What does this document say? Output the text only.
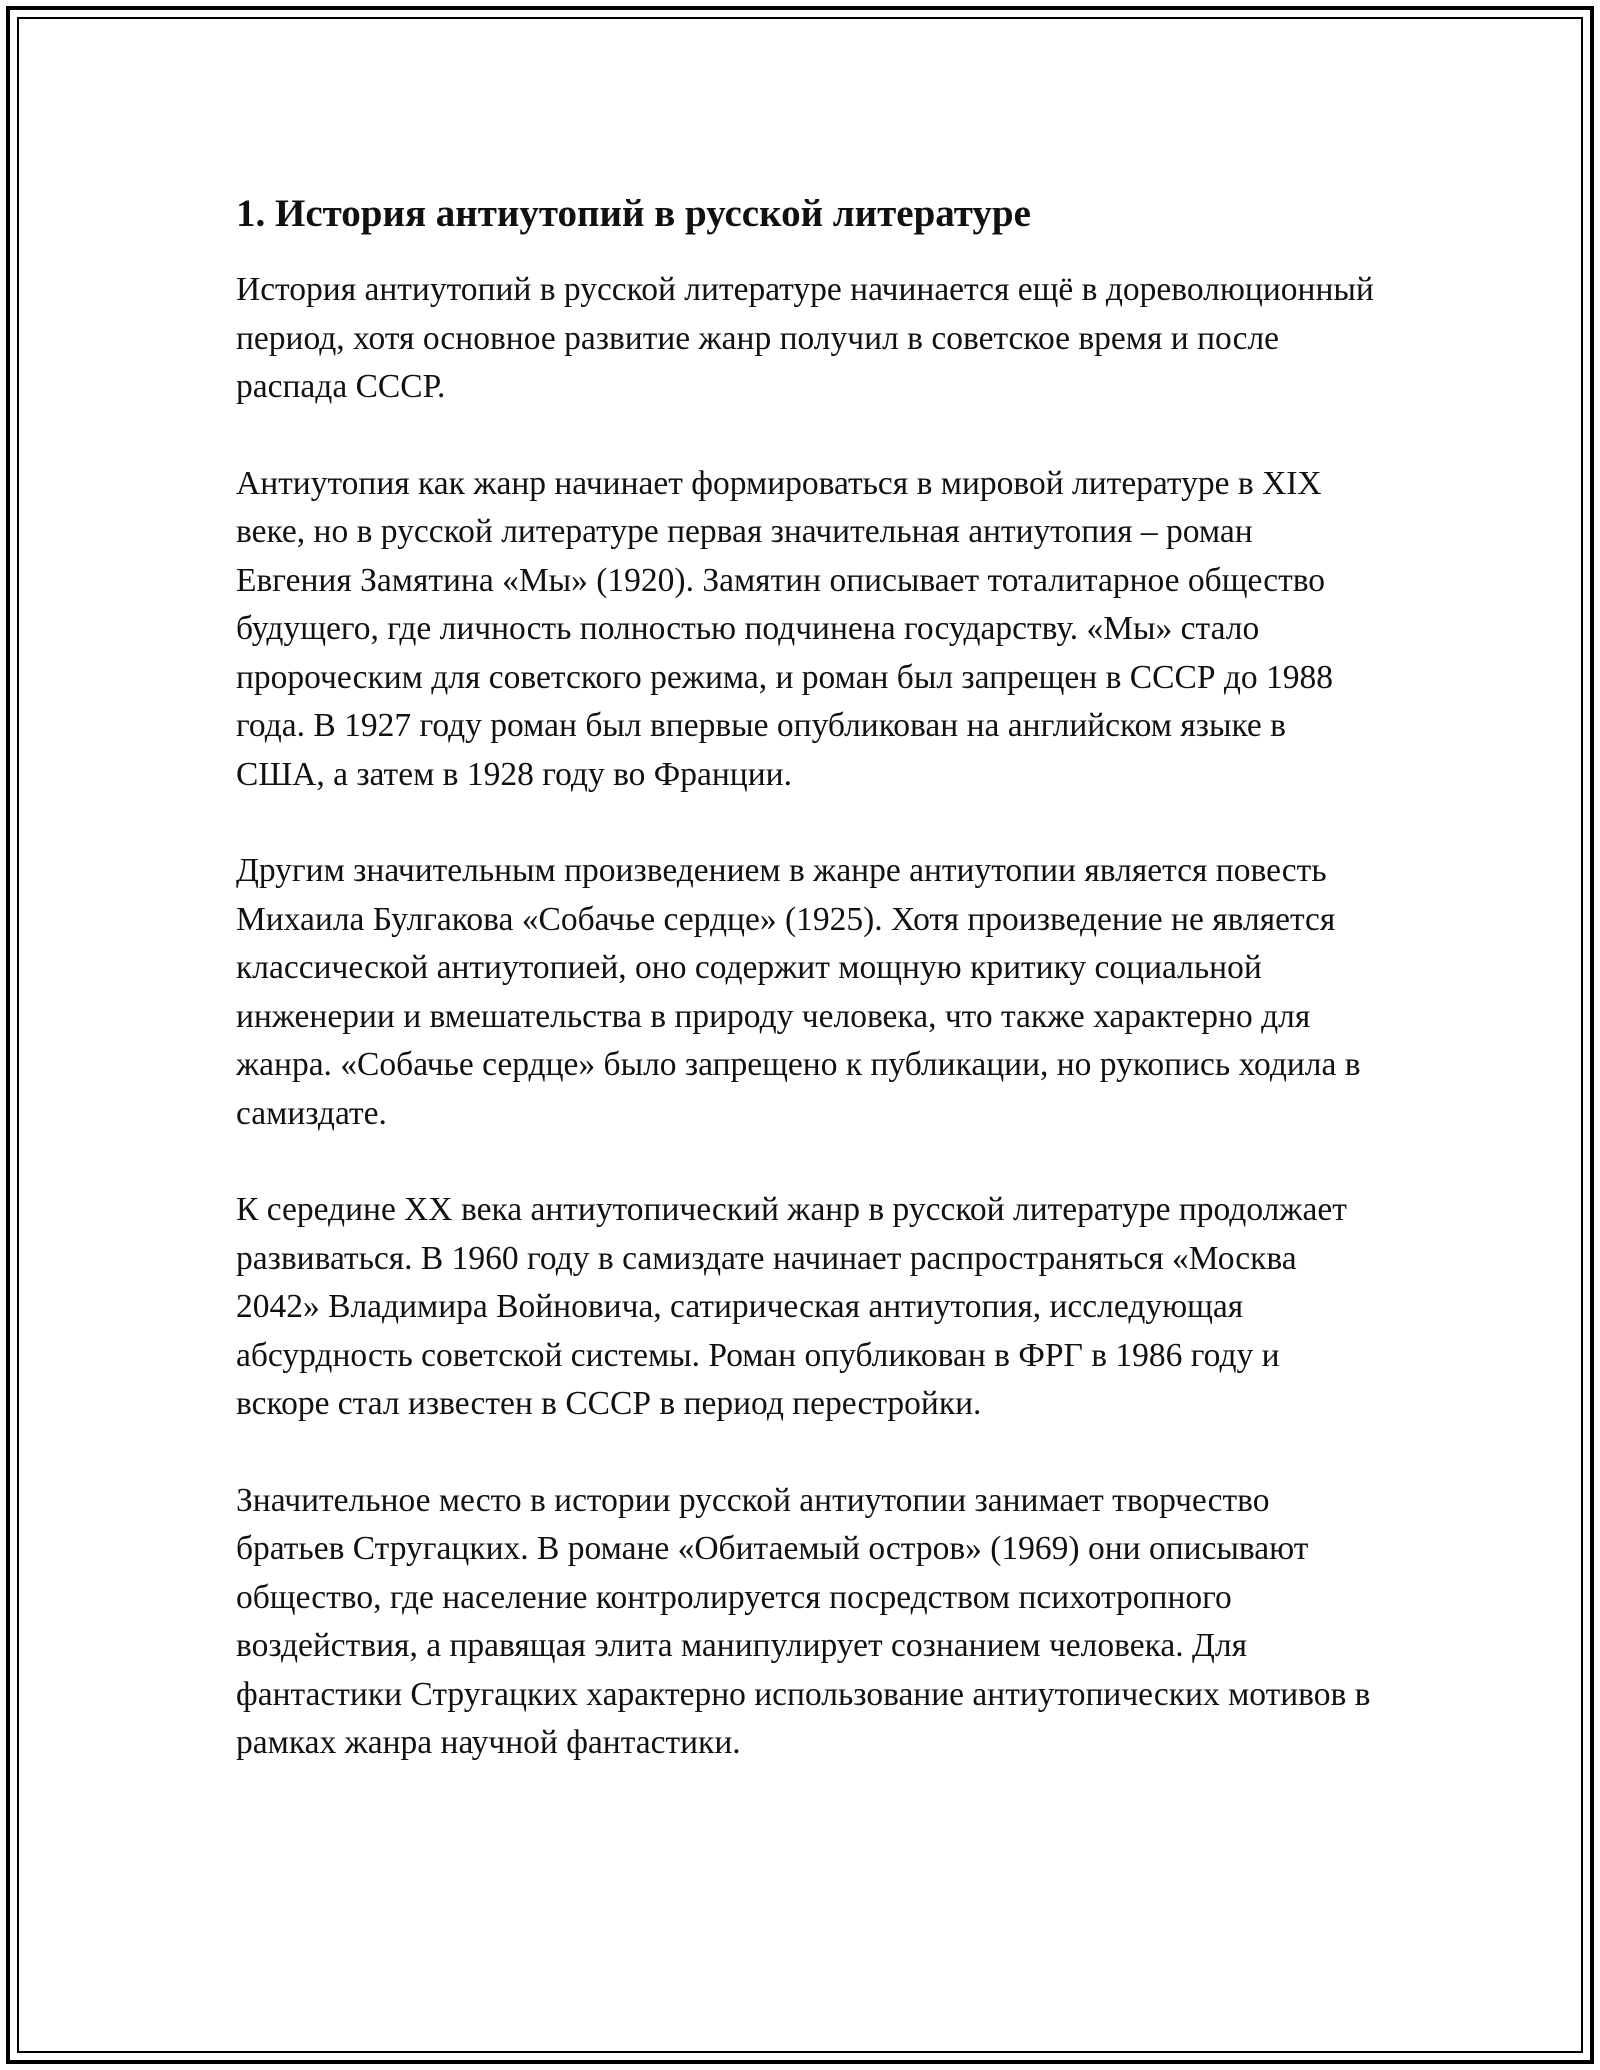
1. История антиутопий в русской литературе

История антиутопий в русской литературе начинается ещё в дореволюционный период, хотя основное развитие жанр получил в советское время и после распада СССР.

Антиутопия как жанр начинает формироваться в мировой литературе в XIX веке, но в русской литературе первая значительная антиутопия – роман Евгения Замятина «Мы» (1920). Замятин описывает тоталитарное общество будущего, где личность полностью подчинена государству. «Мы» стало пророческим для советского режима, и роман был запрещен в СССР до 1988 года. В 1927 году роман был впервые опубликован на английском языке в США, а затем в 1928 году во Франции.

Другим значительным произведением в жанре антиутопии является повесть Михаила Булгакова «Собачье сердце» (1925). Хотя произведение не является классической антиутопией, оно содержит мощную критику социальной инженерии и вмешательства в природу человека, что также характерно для жанра. «Собачье сердце» было запрещено к публикации, но рукопись ходила в самиздате.

К середине XX века антиутопический жанр в русской литературе продолжает развиваться. В 1960 году в самиздате начинает распространяться «Москва 2042» Владимира Войновича, сатирическая антиутопия, исследующая абсурдность советской системы. Роман опубликован в ФРГ в 1986 году и вскоре стал известен в СССР в период перестройки.

Значительное место в истории русской антиутопии занимает творчество братьев Стругацких. В романе «Обитаемый остров» (1969) они описывают общество, где население контролируется посредством психотропного воздействия, а правящая элита манипулирует сознанием человека. Для фантастики Стругацких характерно использование антиутопических мотивов в рамках жанра научной фантастики.
